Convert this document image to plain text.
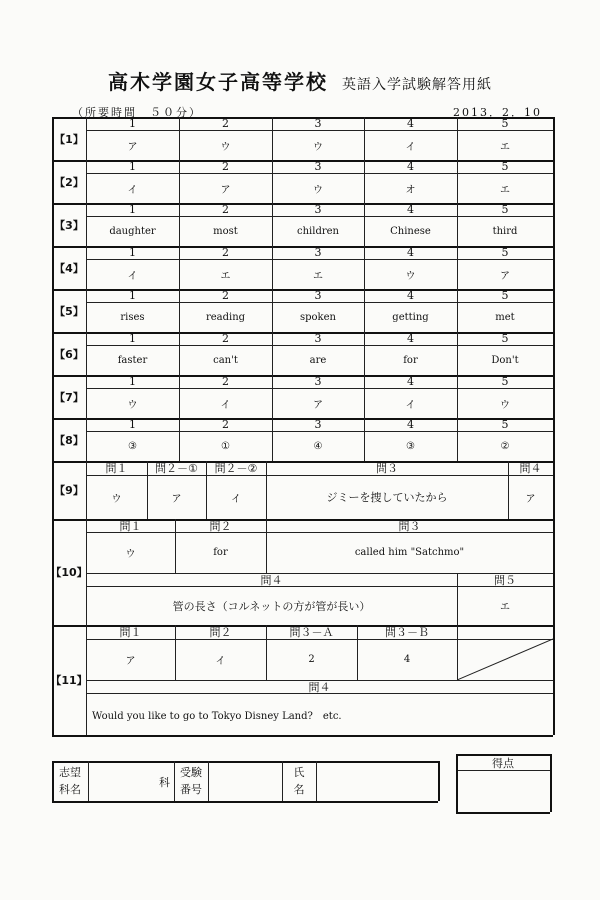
高木学園女子高等学校 英語入学試験解答用紙
（所要時間　５０分）	2013．2．10
【1】
1
ア
2
ウ
3
ウ
4
イ
5
エ
【2】
1
イ
2
ア
3
ウ
4
オ
5
エ
【3】
1
daughter
2
most
3
children
4
Chinese
5
third
【4】
1
イ
2
エ
3
エ
4
ウ
5
ア
【5】
1
rises
2
reading
3
spoken
4
getting
5
met
【6】
1
faster
2
can't
3
are
4
for
5
Don't
【7】
1
ウ
2
イ
3
ア
4
イ
5
ウ
【8】
1
③
2
①
3
④
4
③
5
②
【9】
問１
ウ
問２－①
ア
問２－②
イ
問３
ジミーを捜していたから
問４
ア
【10】
問１
ウ
問２
for
問３
called him "Satchmo"
問４
管の長さ（コルネットの方が管が長い）
問５
エ
【11】
問１
ア
問２
イ
問３－Ａ
2
問３－Ｂ
4
問４
Would you like to go to Tokyo Disney Land?　etc.
志望
科名
科
受験
番号
氏
名
得点
